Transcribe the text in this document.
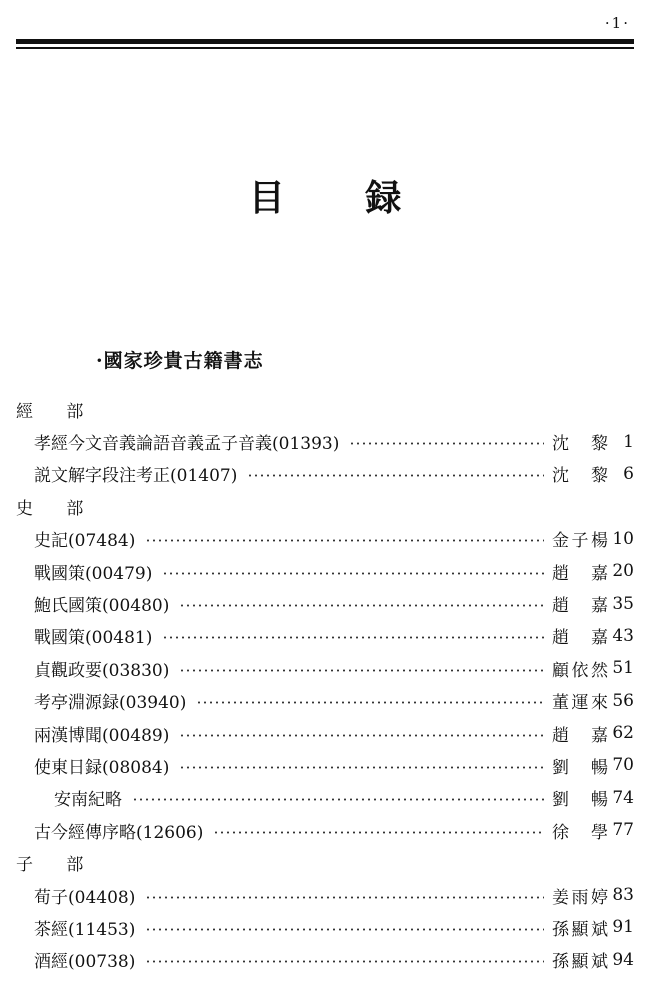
·1·
目 録
·國家珍貴古籍書志
經 部
孝經今文音義論語音義孟子音義(01393)	沈 黎 1
説文解字段注考正(01407)	沈 黎 6
史 部
史記(07484)	金子楊 10
戰國策(00479)	趙 嘉 20
鮑氏國策(00480)	趙 嘉 35
戰國策(00481)	趙 嘉 43
貞觀政要(03830)	顧依然 51
考亭淵源録(03940)	董運來 56
兩漢博聞(00489)	趙 嘉 62
使東日録(08084)	劉 暢 70
安南紀略	劉 暢 74
古今經傳序略(12606)	徐 學 77
子 部
荀子(04408)	姜雨婷 83
茶經(11453)	孫顯斌 91
酒經(00738)	孫顯斌 94
